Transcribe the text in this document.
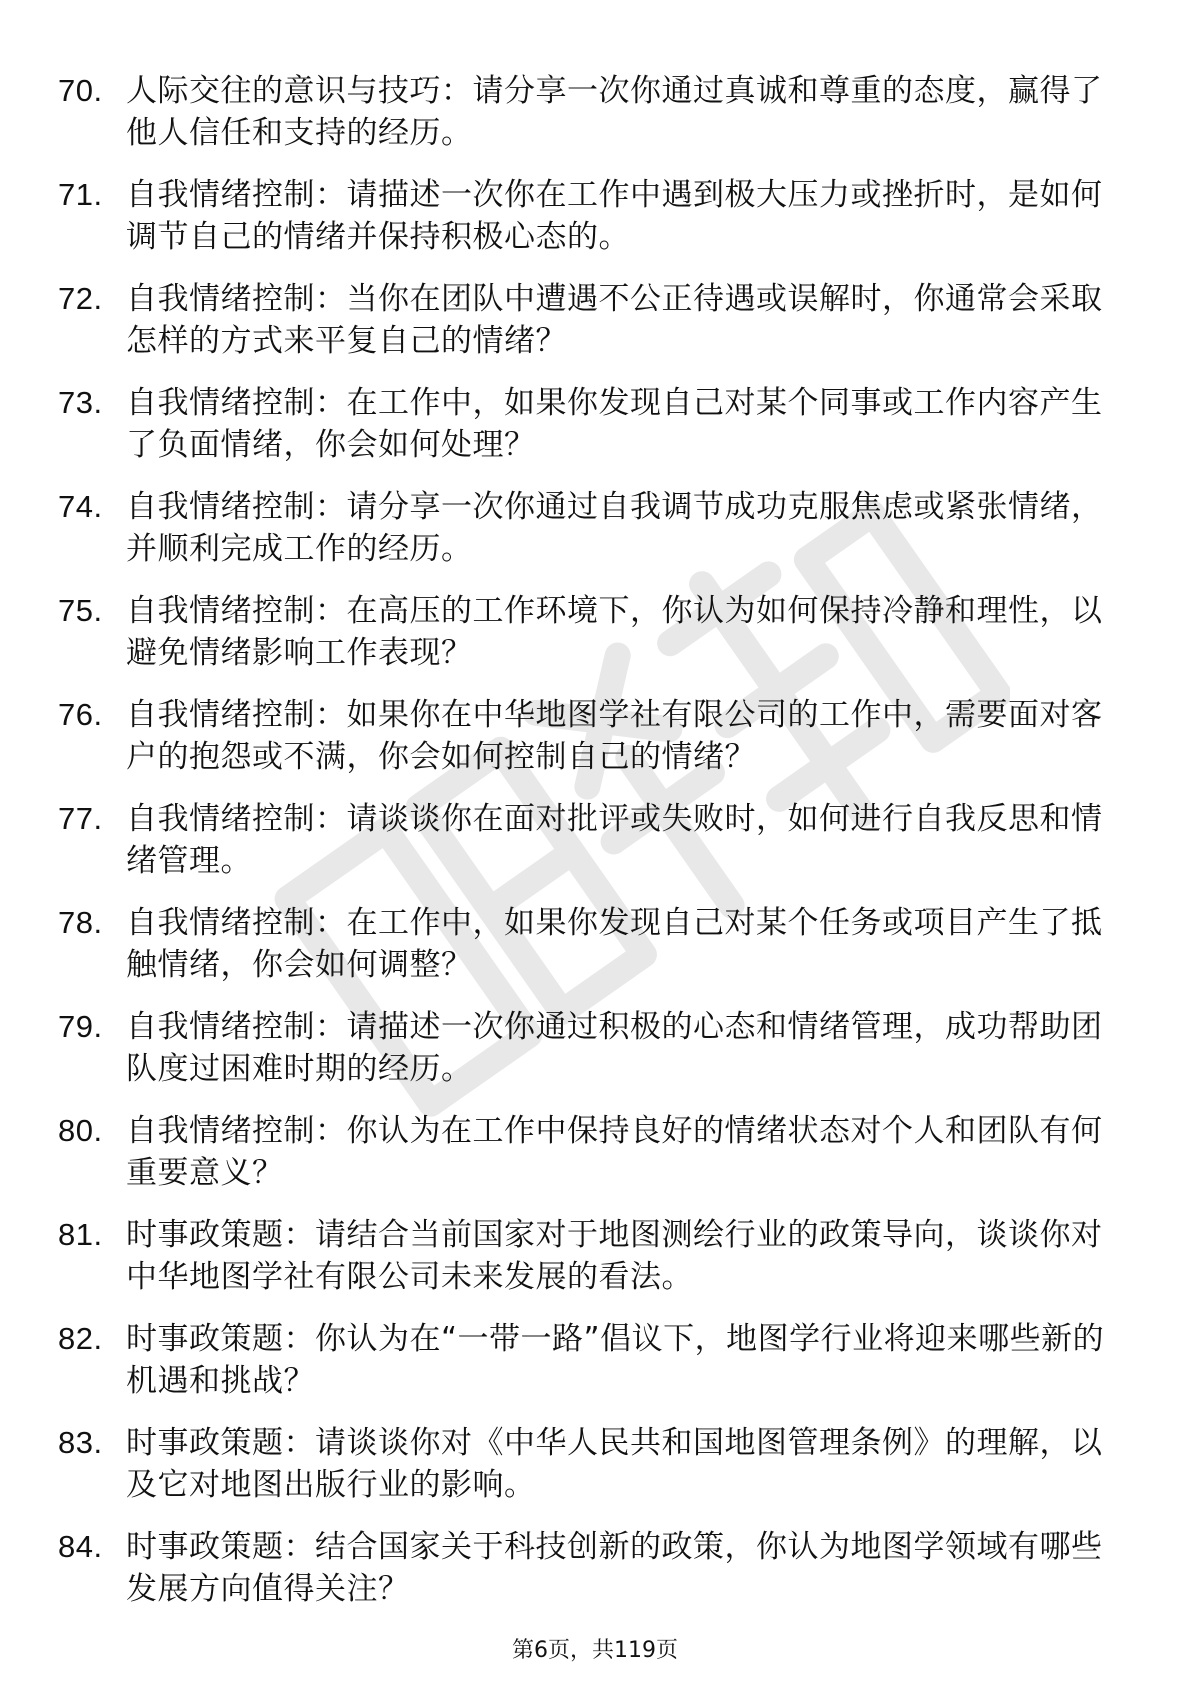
70. 人际交往的意识与技巧：请分享一次你通过真诚和尊重的态度，赢得了他人信任和支持的经历。
71. 自我情绪控制：请描述一次你在工作中遇到极大压力或挫折时，是如何调节自己的情绪并保持积极心态的。
72. 自我情绪控制：当你在团队中遭遇不公正待遇或误解时，你通常会采取怎样的方式来平复自己的情绪？
73. 自我情绪控制：在工作中，如果你发现自己对某个同事或工作内容产生了负面情绪，你会如何处理？
74. 自我情绪控制：请分享一次你通过自我调节成功克服焦虑或紧张情绪，并顺利完成工作的经历。
75. 自我情绪控制：在高压的工作环境下，你认为如何保持冷静和理性，以避免情绪影响工作表现？
76. 自我情绪控制：如果你在中华地图学社有限公司的工作中，需要面对客户的抱怨或不满，你会如何控制自己的情绪？
77. 自我情绪控制：请谈谈你在面对批评或失败时，如何进行自我反思和情绪管理。
78. 自我情绪控制：在工作中，如果你发现自己对某个任务或项目产生了抵触情绪，你会如何调整？
79. 自我情绪控制：请描述一次你通过积极的心态和情绪管理，成功帮助团队度过困难时期的经历。
80. 自我情绪控制：你认为在工作中保持良好的情绪状态对个人和团队有何重要意义？
81. 时事政策题：请结合当前国家对于地图测绘行业的政策导向，谈谈你对中华地图学社有限公司未来发展的看法。
82. 时事政策题：你认为在“一带一路”倡议下，地图学行业将迎来哪些新的机遇和挑战？
83. 时事政策题：请谈谈你对《中华人民共和国地图管理条例》的理解，以及它对地图出版行业的影响。
84. 时事政策题：结合国家关于科技创新的政策，你认为地图学领域有哪些发展方向值得关注？
第6页，共119页
